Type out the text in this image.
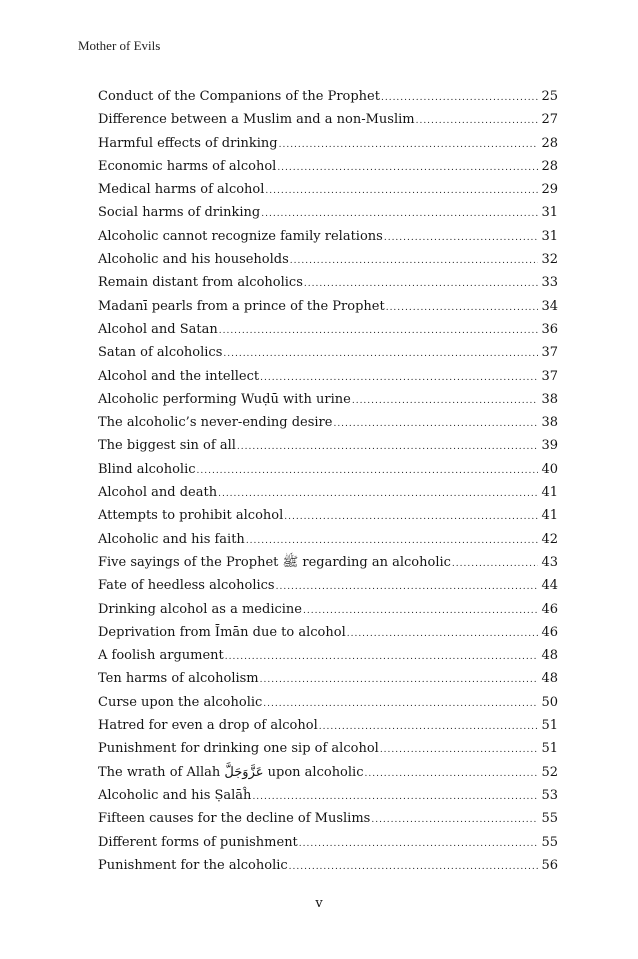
Mother of Evils
Conduct of the Companions of the Prophet .....	25
Difference between a Muslim and a non-Muslim .....	27
Harmful effects of drinking .....	28
Economic harms of alcohol .....	28
Medical harms of alcohol .....	29
Social harms of drinking .....	31
Alcoholic cannot recognize family relations .....	31
Alcoholic and his households .....	32
Remain distant from alcoholics .....	33
Madanī pearls from a prince of the Prophet .....	34
Alcohol and Satan .....	36
Satan of alcoholics .....	37
Alcohol and the intellect .....	37
Alcoholic performing Wuḍū with urine .....	38
The alcoholic’s never-ending desire .....	38
The biggest sin of all .....	39
Blind alcoholic .....	40
Alcohol and death .....	41
Attempts to prohibit alcohol .....	41
Alcoholic and his faith .....	42
Five sayings of the Prophet ﷺ regarding an alcoholic .....	43
Fate of heedless alcoholics .....	44
Drinking alcohol as a medicine .....	46
Deprivation from Īmān due to alcohol .....	46
A foolish argument .....	48
Ten harms of alcoholism .....	48
Curse upon the alcoholic .....	50
Hatred for even a drop of alcohol .....	51
Punishment for drinking one sip of alcohol .....	51
The wrath of Allah عَزَّوَجَلَّ upon alcoholic .....	52
Alcoholic and his Ṣalāĥ .....	53
Fifteen causes for the decline of Muslims .....	55
Different forms of punishment .....	55
Punishment for the alcoholic .....	56
v
